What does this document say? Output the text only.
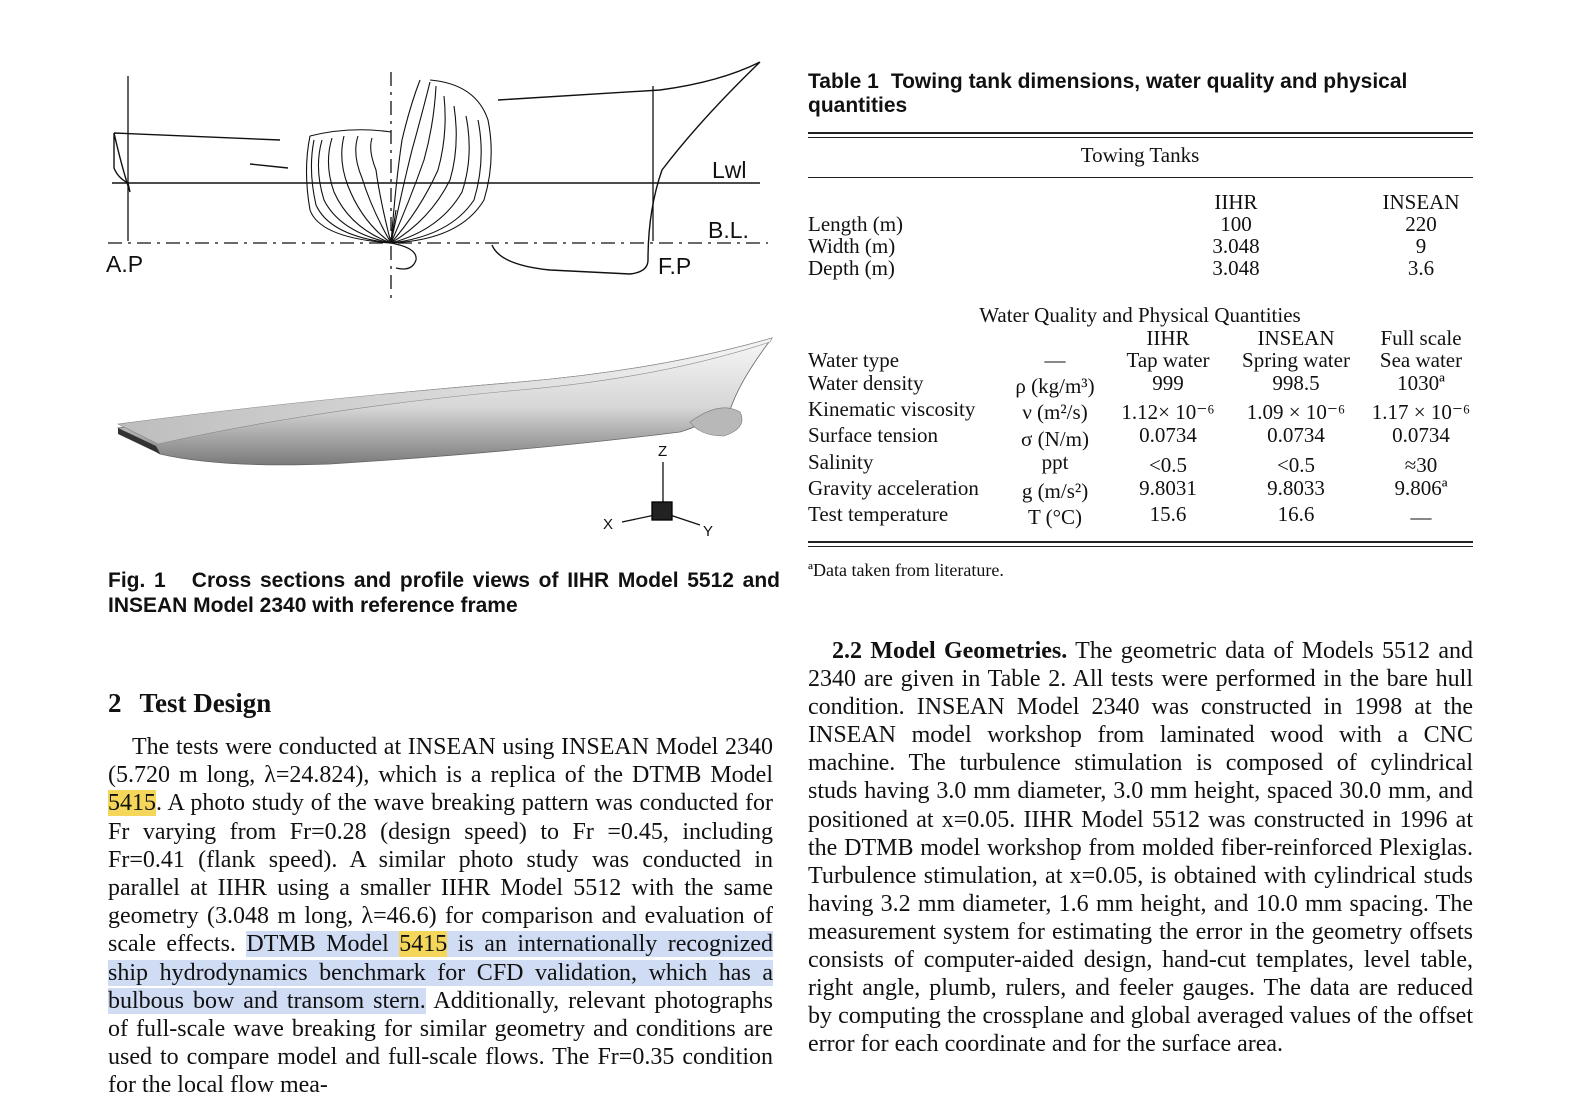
Lwl
B.L.
A.P	F.P
Z
X	Y

Fig. 1 Cross sections and profile views of IIHR Model 5512 and INSEAN Model 2340 with reference frame

2 Test Design

The tests were conducted at INSEAN using INSEAN Model 2340 (5.720 m long, λ=24.824), which is a replica of the DTMB Model 5415. A photo study of the wave breaking pattern was conducted for Fr varying from Fr=0.28 (design speed) to Fr =0.45, including Fr=0.41 (flank speed). A similar photo study was conducted in parallel at IIHR using a smaller IIHR Model 5512 with the same geometry (3.048 m long, λ=46.6) for comparison and evaluation of scale effects. DTMB Model 5415 is an internationally recognized ship hydrodynamics benchmark for CFD validation, which has a bulbous bow and transom stern. Additionally, relevant photographs of full-scale wave breaking for similar geometry and conditions are used to compare model and full-scale flows. The Fr=0.35 condition for the local flow mea-

Table 1 Towing tank dimensions, water quality and physical quantities

Towing Tanks
IIHR	INSEAN
Length (m)	100	220
Width (m)	3.048	9
Depth (m)	3.048	3.6
Water Quality and Physical Quantities
IIHR	INSEAN	Full scale
Water type	—	Tap water	Spring water	Sea water
Water density	ρ (kg/m³)	999	998.5	1030ª
Kinematic viscosity	ν (m²/s)	1.12× 10⁻⁶	1.09 × 10⁻⁶	1.17 × 10⁻⁶
Surface tension	σ (N/m)	0.0734	0.0734	0.0734
Salinity	ppt	<0.5	<0.5	≈30
Gravity acceleration	g (m/s²)	9.8031	9.8033	9.806ª
Test temperature	T (°C)	15.6	16.6	—

ªData taken from literature.

2.2 Model Geometries. The geometric data of Models 5512 and 2340 are given in Table 2. All tests were performed in the bare hull condition. INSEAN Model 2340 was constructed in 1998 at the INSEAN model workshop from laminated wood with a CNC machine. The turbulence stimulation is composed of cylindrical studs having 3.0 mm diameter, 3.0 mm height, spaced 30.0 mm, and positioned at x=0.05. IIHR Model 5512 was constructed in 1996 at the DTMB model workshop from molded fiber-reinforced Plexiglas. Turbulence stimulation, at x=0.05, is obtained with cylindrical studs having 3.2 mm diameter, 1.6 mm height, and 10.0 mm spacing. The measurement system for estimating the error in the geometry offsets consists of computer-aided design, hand-cut templates, level table, right angle, plumb, rulers, and feeler gauges. The data are reduced by computing the crossplane and global averaged values of the offset error for each coordinate and for the surface area.
